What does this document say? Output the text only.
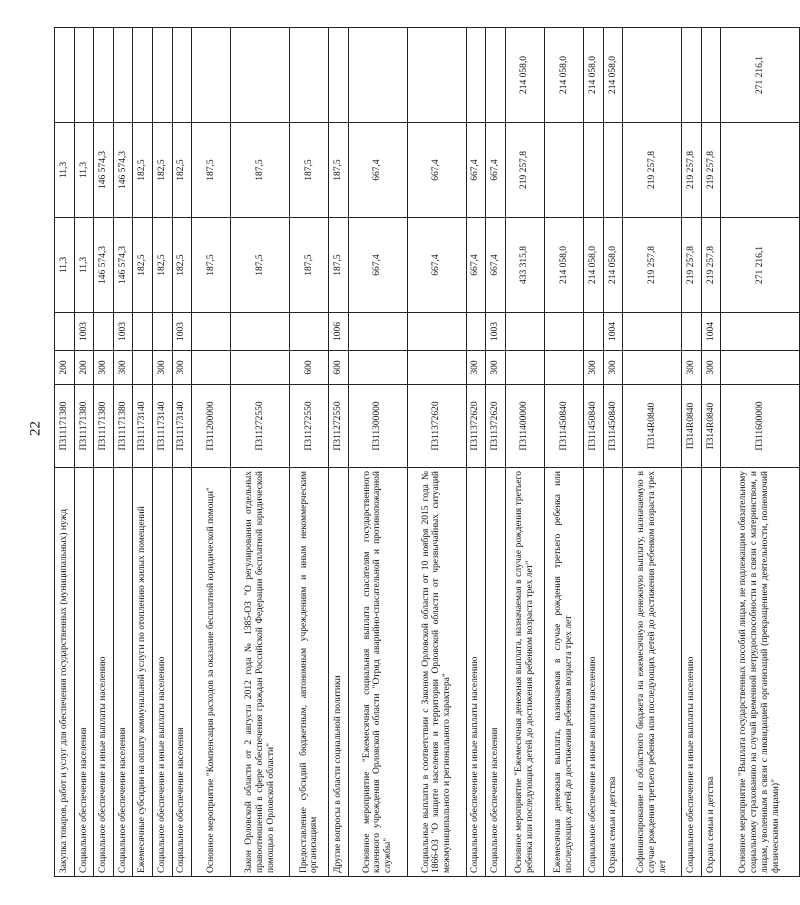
22
Закупка товаров, работ и услуг для обеспечения государственных (муниципальных) нужд	П311171380	200		11,3	11,3	
Социальное обеспечение населения	П311171380	200	1003	11,3	11,3	
Социальное обеспечение и иные выплаты населению	П311171380	300		146 574,3	146 574,3	
Социальное обеспечение населения	П311171380	300	1003	146 574,3	146 574,3	
Ежемесячные субсидии на оплату коммунальной услуги по отоплению жилых помещений	П311173140			182,5	182,5	
Социальное обеспечение и иные выплаты населению	П311173140	300		182,5	182,5	
Социальное обеспечение населения	П311173140	300	1003	182,5	182,5	
Основное мероприятие "Компенсация расходов за оказание бесплатной юридической помощи"	П311200000			187,5	187,5	
Закон Орловской области от 2 августа 2012 года № 1385-ОЗ "О регулировании отдельных правоотношений в сфере обеспечения граждан Российской Федерации бесплатной юридической помощью в Орловской области"	П311272550			187,5	187,5	
Предоставление субсидий бюджетным, автономным учреждениям и иным некоммерческим организациям	П311272550	600		187,5	187,5	
Другие вопросы в области социальной политики	П311272550	600	1006	187,5	187,5	
Основное мероприятие "Ежемесячная социальная выплата спасателям государственного казенного учреждения Орловской области "Отряд аварийно-спасательной и противопожарной службы"	П311300000			667,4	667,4	
Социальные выплаты в соответствии с Законом Орловской области от 10 ноября 2015 года № 1866-ОЗ "О защите населения и территории Орловской области от чрезвычайных ситуаций межмуниципального и регионального характера"	П311372620			667,4	667,4	
Социальное обеспечение и иные выплаты населению	П311372620	300		667,4	667,4	
Социальное обеспечение населения	П311372620	300	1003	667,4	667,4	
Основное мероприятие "Ежемесячная денежная выплата, назначаемая в случае рождения третьего ребенка или последующих детей до достижения ребенком возраста трех лет"	П311400000			433 315,8	219 257,8	214 058,0
Ежемесячная денежная выплата, назначаемая в случае рождения третьего ребенка или последующих детей до достижения ребенком возраста трех лет	П311450840			214 058,0		214 058,0
Социальное обеспечение и иные выплаты населению	П311450840	300		214 058,0		214 058,0
Охрана семьи и детства	П311450840	300	1004	214 058,0		214 058,0
Софинансирование из областного бюджета на ежемесячную денежную выплату, назначаемую в случае рождения третьего ребенка или последующих детей до достижения ребенком возраста трех лет	П314R0840			219 257,8	219 257,8	
Социальное обеспечение и иные выплаты населению	П314R0840	300		219 257,8	219 257,8	
Охрана семьи и детства	П314R0840	300	1004	219 257,8	219 257,8	
Основное мероприятие "Выплата государственных пособий лицам, не подлежащим обязательному социальному страхованию на случай временной нетрудоспособности и в связи с материнством, и лицам, уволенным в связи с ликвидацией организаций (прекращением деятельности, полномочий физическими лицами)"	П311600000			271 216,1		271 216,1
